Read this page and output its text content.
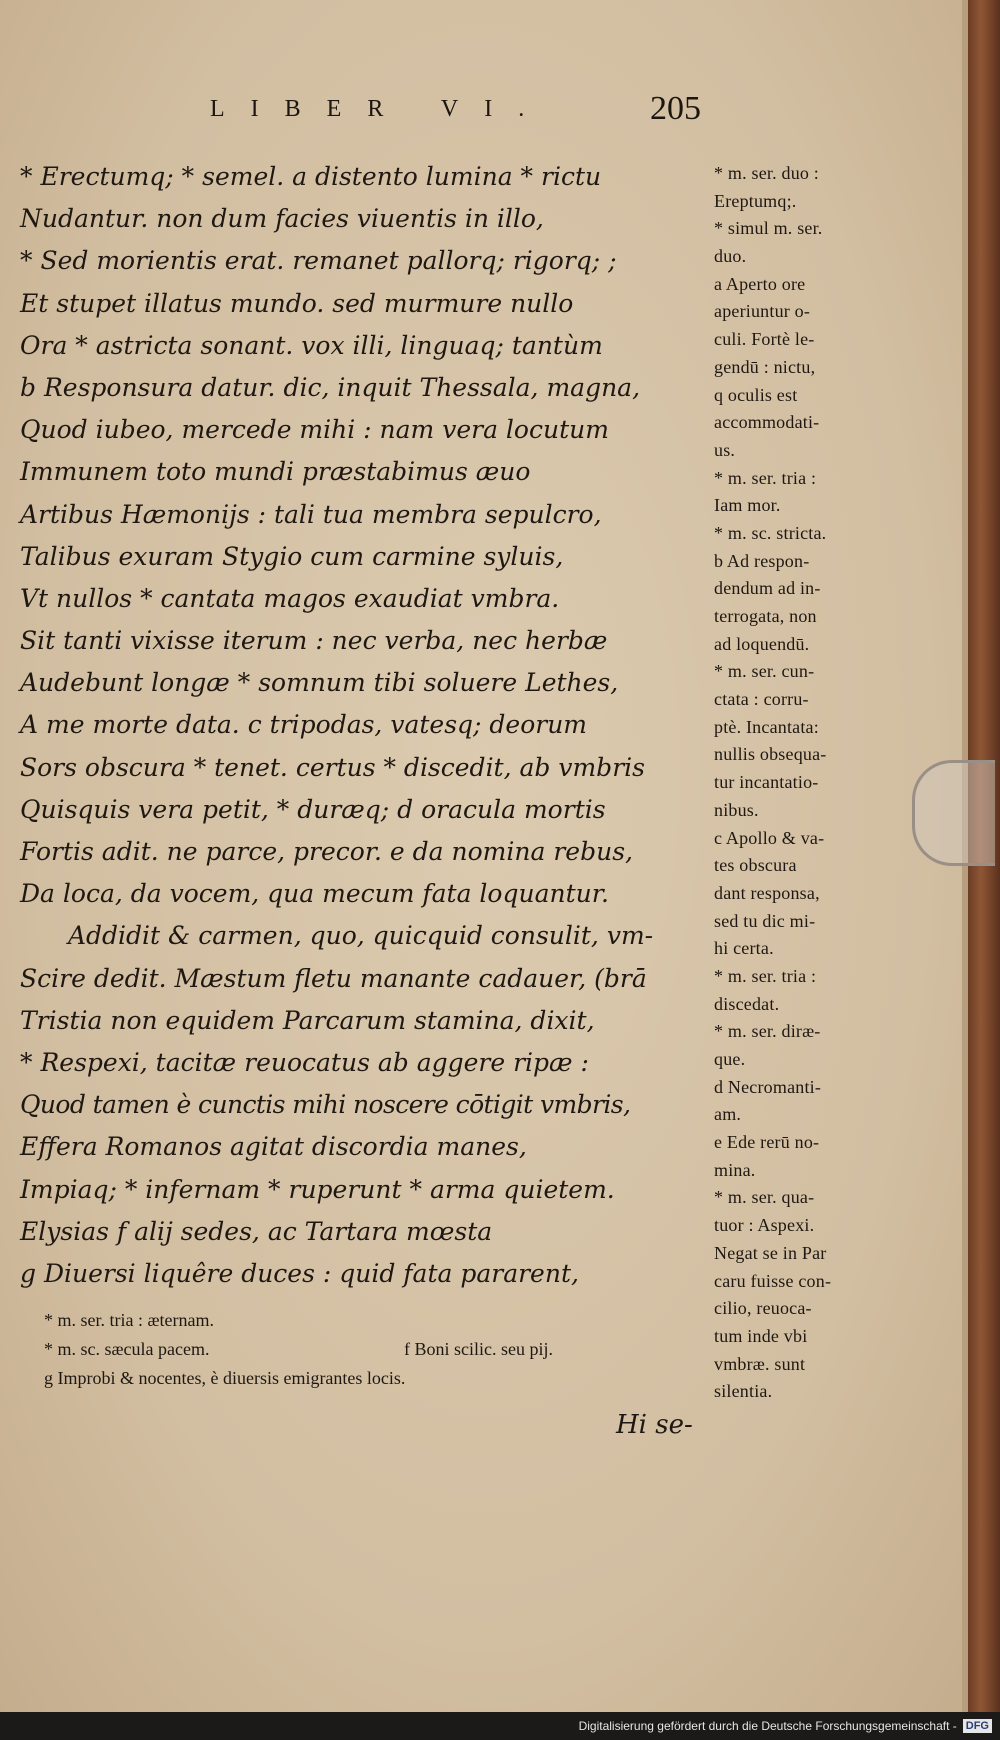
LIBER VI.	205
* Erectumq; * semel. a distento lumina * rictu
Nudantur. non dum facies viuentis in illo,
* Sed morientis erat. remanet pallorq; rigorq; ;
Et stupet illatus mundo. sed murmure nullo
Ora * astricta sonant. vox illi, linguaq; tantùm
b Responsura datur. dic, inquit Thessala, magna,
Quod iubeo, mercede mihi : nam vera locutum
Immunem toto mundi præstabimus æuo
Artibus Hæmonijs : tali tua membra sepulcro,
Talibus exuram Stygio cum carmine syluis,
Vt nullos * cantata magos exaudiat vmbra.
Sit tanti vixisse iterum : nec verba, nec herbæ
Audebunt longæ * somnum tibi soluere Lethes,
A me morte data. c tripodas, vatesq; deorum
Sors obscura * tenet. certus * discedit, ab vmbris
Quisquis vera petit, * duræq; d oracula mortis
Fortis adit. ne parce, precor. e da nomina rebus,
Da loca, da vocem, qua mecum fata loquantur.
Addidit & carmen, quo, quicquid consulit, vm-
Scire dedit. Mæstum fletu manante cadauer, (brā
Tristia non equidem Parcarum stamina, dixit,
* Respexi, tacitæ reuocatus ab aggere ripæ :
Quod tamen è cunctis mihi noscere cōtigit vmbris,
Effera Romanos agitat discordia manes,
Impiaq; * infernam * ruperunt * arma quietem.
Elysias f alij sedes, ac Tartara mœsta
g Diuersi liquêre duces : quid fata pararent,
* m. ser. tria : æternam.
* m. sc. sæcula pacem.	f Boni scilic. seu pij.
g Improbi & nocentes, è diuersis emigrantes locis.
Hi se-
* m. ser. duo :
Ereptumq;.
* simul m. ser.
duo.
a Aperto ore
aperiuntur o-
culi. Fortè le-
gendū : nictu,
q oculis est
accommodati-
us.
* m. ser. tria :
Iam mor.
* m. sc. stricta.
b Ad respon-
dendum ad in-
terrogata, non
ad loquendū.
* m. ser. cun-
ctata : corru-
ptè. Incantata:
nullis obsequa-
tur incantatio-
nibus.
c Apollo & va-
tes obscura
dant responsa,
sed tu dic mi-
hi certa.
* m. ser. tria :
discedat.
* m. ser. diræ-
que.
d Necromanti-
am.
e Ede rerū no-
mina.
* m. ser. qua-
tuor : Aspexi.
Negat se in Par
caru fuisse con-
cilio, reuoca-
tum inde vbi
vmbræ. sunt
silentia.
Digitalisierung gefördert durch die Deutsche Forschungsgemeinschaft - DFG
